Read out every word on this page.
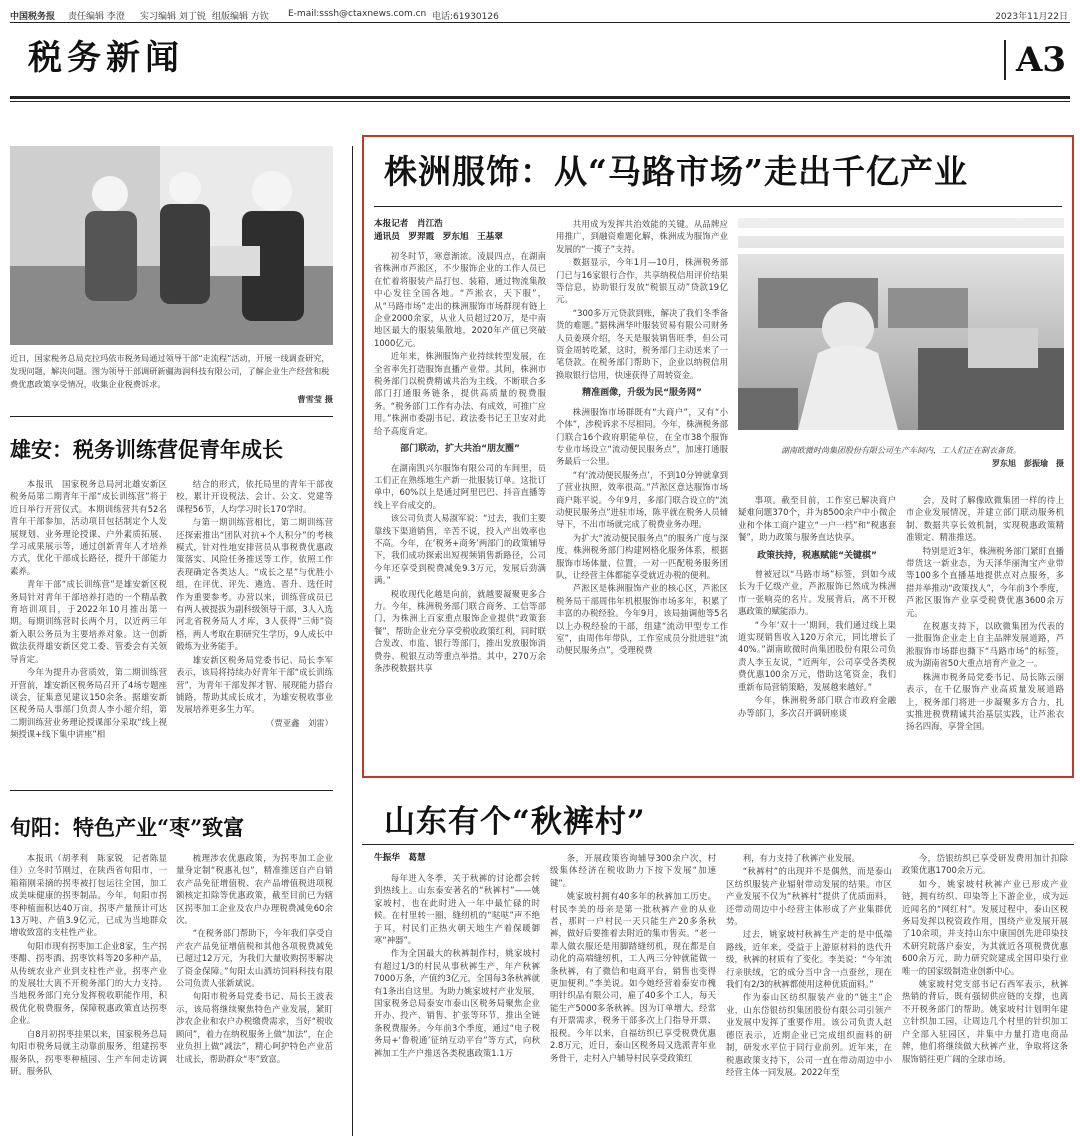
中国税务报 责任编辑 李澄 实习编辑 刘丁锐 组版编辑 方钦 E-mail:sssh@ctaxnews.com.cn 电话:61930126	2023年11月22日
税务新闻	A3
近日，国家税务总局克拉玛依市税务局通过领导干部“走流程”活动，开展一线调查研究，发现问题，解决问题。图为领导干部调研新疆海润科技有限公司，了解企业生产经营和税费优惠政策享受情况，收集企业税费诉求。
曹雪莹 摄
雄安：税务训练营促青年成长

本报讯　国家税务总局河北雄安新区税务局第二期青年干部“成长训练营”将于近日举行开营仪式。本期训练营共有52名青年干部参加，活动项目包括制定个人发展规划、业务理论授课、户外素质拓展、学习成果展示等，通过创新青年人才培养方式，优化干部成长路径，提升干部能力素养。

青年干部“成长训练营”是雄安新区税务局针对青年干部培养打造的一个精品教育培训项目，于2022年10月推出第一期。每期训练营时长两个月，以近两三年新入职公务员为主要培养对象。这一创新做法获得雄安新区党工委、管委会有关领导肯定。

今年为提升办营质效，第二期训练营开营前，雄安新区税务局召开了4场专题座谈会，征集意见建议150余条。据雄安新区税务局人事部门负责人李小超介绍，第二期训练营业务理论授课部分采取“线上视频授课+线下集中讲座”相

结合的形式，依托局里的青年干部夜校，累计开设税法、会计、公文、党建等课程56节，人均学习时长170学时。

与第一期训练营相比，第二期训练营还探索推出“团队对抗+个人积分”的考核模式，针对性地安排营员从事税费优惠政策落实、风险任务推送等工作，依照工作表现确定各类达人。“成长之星”与优胜小组，在评优、评先、遴选、晋升、选任时作为重要参考。办营以来，训练营成员已有两人被提拔为副科级领导干部，3人入选河北省税务局人才库，3人获得“三师”资格，两人考取在职研究生学历，9人成长中锻炼为业务能手。

雄安新区税务局党委书记、局长李军表示，该局将持续办好青年干部“成长训练营”，为青年干部发挥才智、展现能力搭台铺路，帮助其成长成才，为雄安税收事业发展培养更多生力军。

（贾亚鑫　刘雷）

旬阳：特色产业“枣”致富

本报讯（胡孝利　陈家锐　记者陈显佳）立冬时节刚过，在陕西省旬阳市，一箱箱刚采摘的拐枣被打包运往全国，加工成美味健康的拐枣制品。今年，旬阳市拐枣种植面积达40万亩，拐枣产量预计可达13万吨、产值3.9亿元，已成为当地群众增收致富的支柱性产业。

旬阳市现有拐枣加工企业8家，生产拐枣醋、拐枣酒、拐枣饮料等20多种产品，从传统农业产业到支柱性产业，拐枣产业的发展壮大离不开税务部门的大力支持。当地税务部门充分发挥税收职能作用，积极优化税费服务，保障税惠政策直达拐枣企业。

自8月初拐枣挂果以来，国家税务总局旬阳市税务局就主动靠前服务，组建拐枣服务队，拐枣枣种植园、生产车间走访调研。服务队

梳理涉农优惠政策，为拐枣加工企业量身定制“税惠礼包”，精准推送自产自销农产品免征增值税、农产品增值税进项税额核定扣除等优惠政策，截至目前已为辖区拐枣加工企业及农户办理税费减免60余次。

“在税务部门帮助下，今年我们享受自产农产品免征增值税和其他各项税费减免已超过12万元，为我们大量收购拐枣解决了资金保障。”旬阳太山酒坊饲料科技有限公司负责人张新斌说。

旬阳市税务局党委书记、局长王波表示，该局将继续聚焦特色产业发展，紧盯涉农企业和农户办税缴费需求，当好“税收顾问”，着力在纳税服务上做“加法”，在企业负担上做“减法”，精心呵护特色产业茁壮成长，帮助群众“枣”致富。

株洲服饰：从“马路市场”走出千亿产业
本报记者　肖江浩
通讯员　罗羿霞　罗东旭　王基翠

初冬时节，寒意渐浓。凌晨四点，在湖南省株洲市芦淞区，不少服饰企业的工作人员已在忙着将服装产品打包、装箱，通过物流集散中心发往全国各地。“芦淞衣，天下服”，从“马路市场”走出的株洲服饰市场群现有链上企业2000余家，从业人员超过20万，是中南地区最大的服装集散地，2020年产值已突破1000亿元。

近年来，株洲服饰产业持续转型发展，在全省率先打造服饰直播产业带。其间，株洲市税务部门以税费精诚共治为主线，不断联合多部门打通服务链条，提供高质量的税费服务。“税务部门工作有办法、有成效，可推广应用。”株洲市委副书记、政法委书记王卫安对此给予高度肯定。

部门联动，扩大共治“朋友圈”

在湖南凯兴尔服饰有限公司的车间里，员工们正在熟练地生产新一批服装订单。这批订单中，60%以上是通过阿里巴巴、抖音直播等线上平台成交的。

该公司负责人易淑军说：“过去，我们主要靠线下渠道销售，辛苦不说，投入产出效率也不高。今年，在‘税务+商务’两部门的政策辅导下，我们成功探索出短视频销售新路径，公司今年还享受到税费减免9.3万元，发展后劲满满。”

税收现代化越是向前，就越要凝聚更多合力。今年，株洲税务部门联合商务、工信等部门，为株洲上百家重点服饰企业提供“政策套餐”，帮助企业充分享受税收政策红利，同时联合发改、市监、银行等部门，推出发放服饰消费券、税银互动等重点举措。其中，270万余条涉税数据共享

共用成为发挥共治效能的关键。从品牌应用推广，到融资难题化解，株洲成为服饰产业发展的“一揽子”支持。

数据显示，今年1月—10月，株洲税务部门已与16家银行合作，共享纳税信用评价结果等信息，协助银行发放“税银互动”贷款19亿元。

“300多万元贷款到账，解决了我们冬季备货的难题。”据株洲华叶服装贸易有限公司财务人员姜瑛介绍，冬天是服装销售旺季，但公司资金周转吃紧，这时，税务部门主动送来了一笔贷款。在税务部门帮助下，企业以纳税信用换取银行信用，快速获得了周转资金。

精准画像，升级为民“服务网”

株洲服饰市场群既有“大商户”，又有“小个体”，涉税诉求不尽相同。今年，株洲税务部门联合16个政府职能单位，在全市38个服饰专业市场设立“流动便民服务点”，加速打通服务最后一公里。

“有‘流动便民服务点’，不到10分钟就拿到了营业执照，效率很高。”芦淞区意达服饰市场商户陈平说。今年9月，多部门联合设立的“流动便民服务点”进驻市场，陈平就在税务人员辅导下，不出市场就完成了税费业务办理。

为扩大“流动便民服务点”的服务广度与深度，株洲税务部门构建网格化服务体系，根据服饰市场体量、位置，一对一匹配税务服务团队，让经营主体都能享受就近办税的便利。

芦淞区是株洲服饰产业的核心区，芦淞区税务局干部周伟年机根服饰市场多年，积累了丰富的办税经验。今年9月，该局抽调他等5名以上办税经验的干部，组建“流动甲型专工作室”，由周伟年带队，工作室成员分批进驻“流动便民服务点”，受理税费

湖南欧微时尚集团股份有限公司生产车间内，工人们正在制衣备货。
罗东旭　彭振瑜　摄

事项。截至目前，工作室已解决商户疑难问题370个，并为8500余户中小微企业和个体工商户建立“一户一档”和“税惠套餐”，助力政策与服务直达快享。

政策扶持，税惠赋能“关键棋”

曾被冠以“马路市场”标签，到如今成长为千亿级产业，芦淞服饰已然成为株洲市一张响亮的名片。发展背后，离不开税惠政策的赋能添力。

“今年‘双十一’期间，我们通过线上渠道实现销售收入120万余元，同比增长了40%。”湖南欧微时尚集团股份有限公司负责人李玉友说，“近两年，公司享受各类税费优惠100余万元，借助这笔资金，我们重新布局营销策略，发展越来越好。”

今年，株洲税务部门联合市政府金融办等部门，多次召开调研座谈

会，及时了解像欧微集团一样的待上市企业发展情况，并建立部门联动服务机制、数据共享长效机制，实现税惠政策精准锁定、精准推送。

特别是近3年，株洲税务部门紧盯直播带货这一新业态，为天泽华丽淘宝产业带等100多个直播基地提供点对点服务，多措并举推动“政策找人”，今年前3个季度，芦淞区服饰产业享受税费优惠3600余万元。

在税惠支持下，以欧微集团为代表的一批服饰企业走上自主品牌发展道路，芦淞服饰市场群也撕下“马路市场”的标签，成为湖南省50大重点培育产业之一。

株洲市税务局党委书记、局长陈云丽表示，在千亿服饰产业高质量发展道路上，税务部门将进一步凝聚多方合力，扎实推进税费精诚共治基层实践，让芦淞衣扬名四海，享誉全国。

山东有个“秋裤村”
牛振华　葛慧

每年进入冬季，关于秋裤的讨论都会转到热线上。山东泰安著名的“秋裤村”——姚家坡村，也在此时进入一年中最忙碌的时候。在村里转一圈，缝纫机的“哒哒”声不绝于耳，村民们正热火朝天地生产着保暖御寒“神器”。

作为全国最大的秋裤制作村，姚家坡村有超过1/3的村民从事秋裤生产，年产秋裤7000万条，产值约3亿元，全国每3条秋裤就有1条出自这里。为助力姚家坡村产业发展，国家税务总局泰安市泰山区税务局聚焦企业开办、投产、销售、扩张等环节，推出全链条税费服务。今年前3个季度，通过“电子税务局+‘鲁税通’征纳互动平台”等方式，向秋裤加工生产户推送各类税惠政策1.1万

条，开展政策咨询辅导300余户次，村级集体经济在税收助力下按下发展“加速键”。

姚家坡村拥有40多年的秋裤加工历史。村民李美的母亲是第一批秋裤产业的从业者，那时一户村民一天只能生产20多条秋裤，做好后要推着去附近的集市售卖。“老一辈人做衣服还是用脚踏缝纫机，现在都是自动化的高端缝纫机，工人两三分钟就能做一条秋裤，有了微信和电商平台，销售也变得更加便利。”李美说。如今她经营着泰安市槐明针织品有限公司，雇了40多个工人，每天能生产5000多条秋裤。因为订单增大，经常有开票需求，税务干部多次上门指导开票、报税。今年以来，自福纺织已享受税费优惠2.8万元，近日，泰山区税务局又选派青年业务骨干，走村入户辅导村民享受政策红

利，有力支持了秋裤产业发展。

“秋裤村”的出现并不是偶然，而是泰山区纺织服装产业辐射带动发展的结果。市区产业发展不仅为“秋裤村”提供了优质面料，还带动周边中小经营主体形成了产业集群优势。

过去，姚家坡村秋裤生产走的是中低端路线，近年来，受益于上游原材料的迭代升级，秋裤的材质有了变化。李美说：“今年流行亲肤绒，它的成分当中含一点蚕丝，现在我们有2/3的秋裤都使用这种优质面料。”

作为泰山区纺织服装产业的“链主”企业，山东岱银纺织集团股份有限公司引领产业发展中发挥了重要作用。该公司负责人赵德臣表示，近期企业已完成组织面料的研制，研发水平位于同行业前列。近年来，在税惠政策支持下，公司一直在带动周边中小经营主体一同发展。2022年至

今，岱银纺织已享受研发费用加计扣除政策优惠1700余万元。

如今，姚家坡村秋裤产业已形成产业链，拥有纺织、印染等上下游企业，成为远近闻名的“网红村”。发展过程中，泰山区税务局发挥以税资政作用，围绕产业发展开展了10余项，并支持山东中康国创先进印染技术研究院落户泰安，为其就近各项税费优惠600余万元，助力研究院建成全国印染行业唯一的国家级制造业创新中心。

姚家坡村党支部书记石西军表示，秋裤热销的背后，既有强韧供应链的支撑，也离不开税务部门的帮助。姚家坡村计划明年建立针织加工园，让周边几个村里的针织加工户全部入驻园区，并集中力量打造电商品牌，他们将继续做大秋裤产业，争取将这条服饰销往更广阔的全球市场。
